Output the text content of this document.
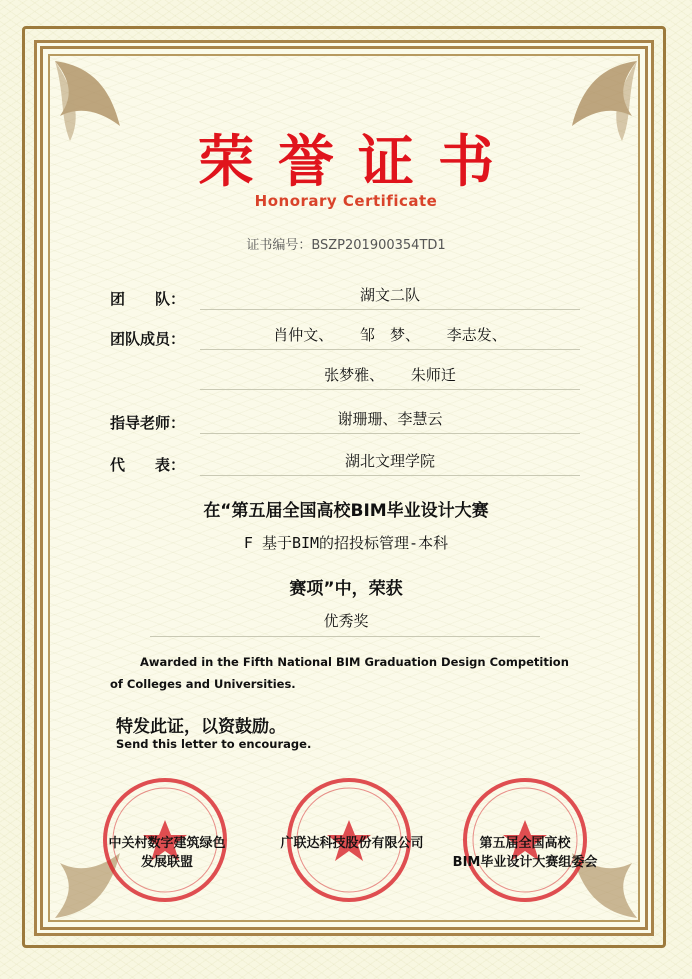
荣誉证书
Honorary Certificate
证书编号：BSZP201900354TD1
团　　队：	湖文二队
团队成员：	肖仲文、 邹　梦、 李志发、
张梦雅、 朱师迁
指导老师：	谢珊珊、李慧云
代　　表：	湖北文理学院
在“第五届全国高校BIM毕业设计大赛
F 基于BIM的招投标管理-本科
赛项”中，荣获
优秀奖
Awarded in the Fifth National BIM Graduation Design Competition
of Colleges and Universities.
特发此证，以资鼓励。
Send this letter to encourage.
中关村数字建筑绿色
发展联盟
广联达科技股份有限公司	第五届全国高校
BIM毕业设计大赛组委会
